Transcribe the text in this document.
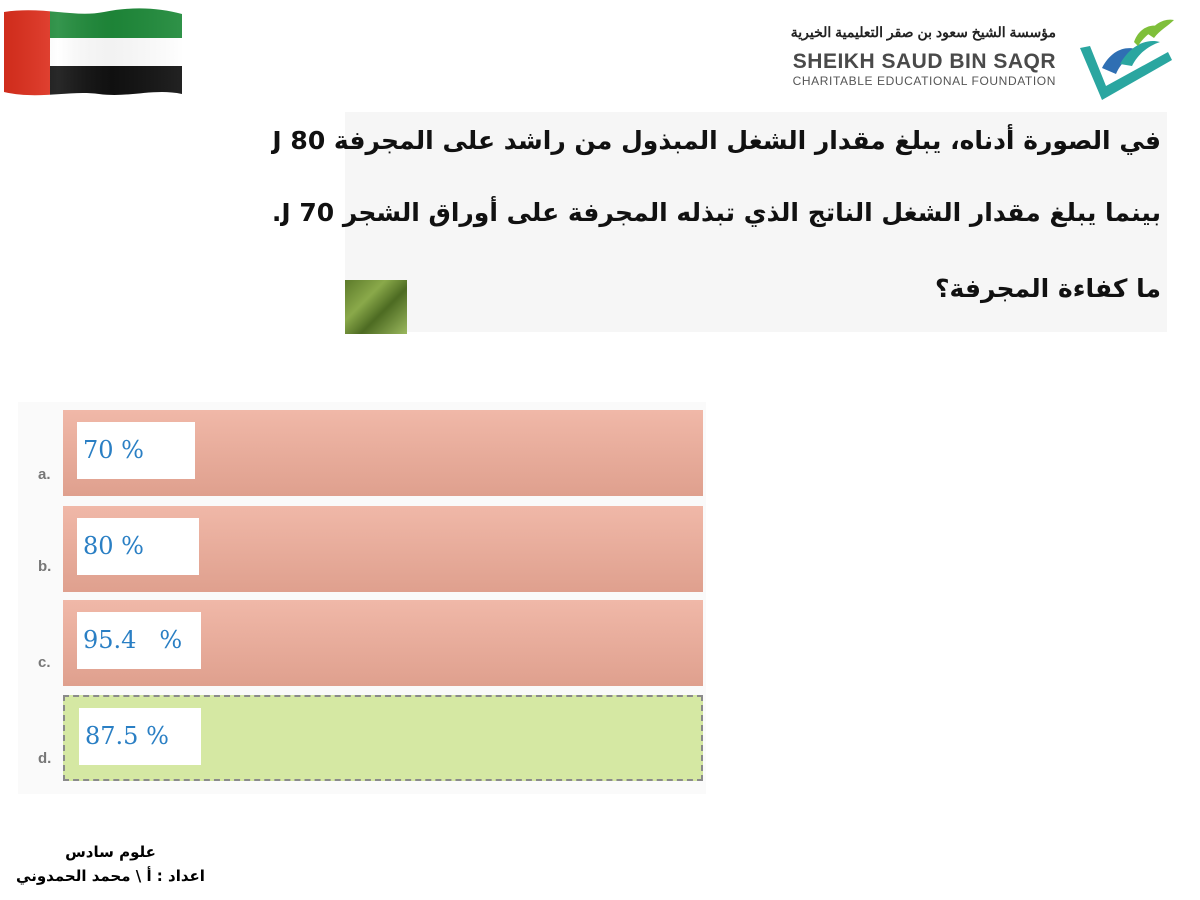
مؤسسة الشيخ سعود بن صقر التعليمية الخيرية
SHEIKH SAUD BIN SAQR
CHARITABLE EDUCATIONAL FOUNDATION
في الصورة أدناه، يبلغ مقدار الشغل المبذول من راشد على المجرفة J 80
بينما يبلغ مقدار الشغل الناتج الذي تبذله المجرفة على أوراق الشجر J 70.
ما كفاءة المجرفة؟
a.
70 %
b.
80 %
c.
95.4   %
d.
87.5 %
علوم سادس
اعداد : أ \ محمد الحمدوني
